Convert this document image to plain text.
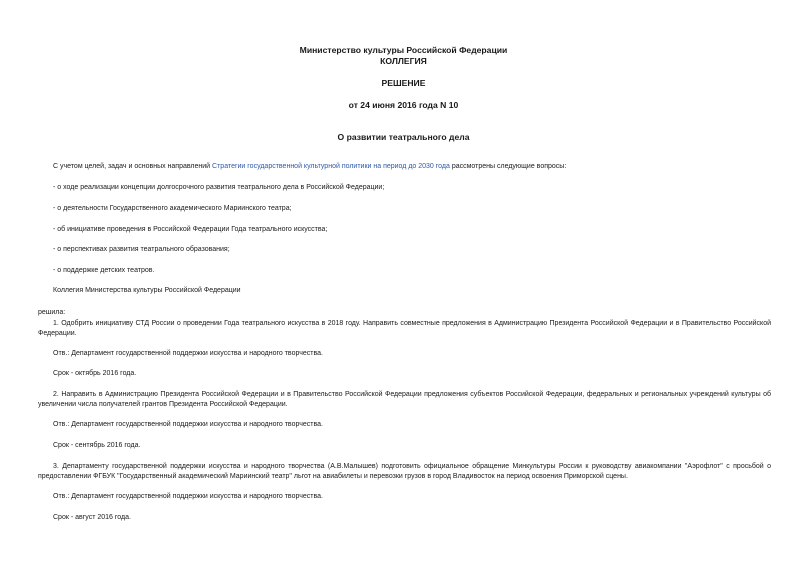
Министерство культуры Российской Федерации
КОЛЛЕГИЯ
РЕШЕНИЕ
от 24 июня 2016 года N 10
О развитии театрального дела
С учетом целей, задач и основных направлений Стратегии государственной культурной политики на период до 2030 года рассмотрены следующие вопросы:
- о ходе реализации концепции долгосрочного развития театрального дела в Российской Федерации;
- о деятельности Государственного академического Мариинского театра;
- об инициативе проведения в Российской Федерации Года театрального искусства;
- о перспективах развития театрального образования;
- о поддержке детских театров.
Коллегия Министерства культуры Российской Федерации
решила:
1. Одобрить инициативу СТД России о проведении Года театрального искусства в 2018 году. Направить совместные предложения в Администрацию Президента Российской Федерации и в Правительство Российской Федерации.
Отв.: Департамент государственной поддержки искусства и народного творчества.
Срок - октябрь 2016 года.
2. Направить в Администрацию Президента Российской Федерации и в Правительство Российской Федерации предложения субъектов Российской Федерации, федеральных и региональных учреждений культуры об увеличении числа получателей грантов Президента Российской Федерации.
Отв.: Департамент государственной поддержки искусства и народного творчества.
Срок - сентябрь 2016 года.
3. Департаменту государственной поддержки искусства и народного творчества (А.В.Малышев) подготовить официальное обращение Минкультуры России к руководству авиакомпании "Аэрофлот" с просьбой о предоставлении ФГБУК "Государственный академический Мариинский театр" льгот на авиабилеты и перевозки грузов в город Владивосток на период освоения Приморской сцены.
Отв.: Департамент государственной поддержки искусства и народного творчества.
Срок - август 2016 года.
